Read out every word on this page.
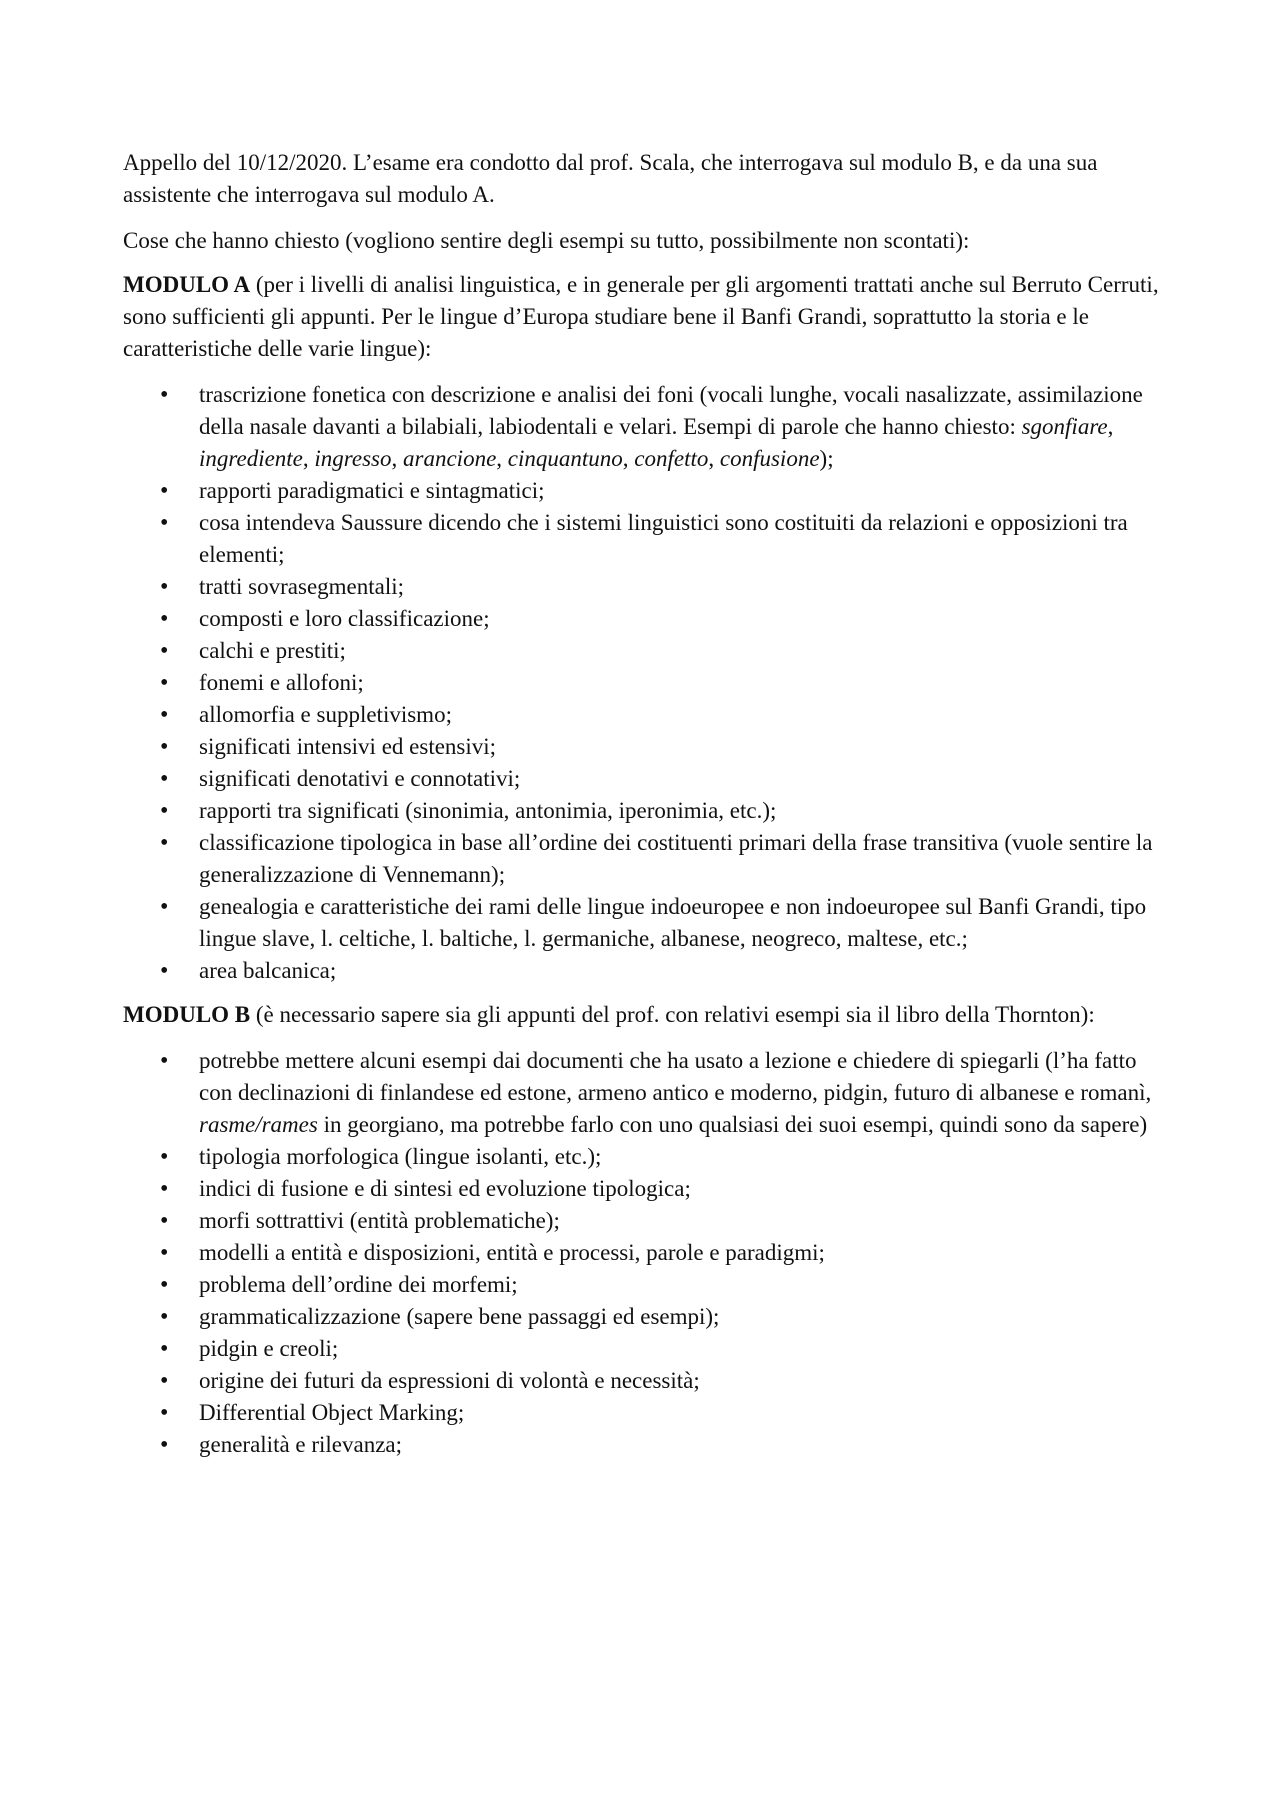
Appello del 10/12/2020. L’esame era condotto dal prof. Scala, che interrogava sul modulo B, e da una sua assistente che interrogava sul modulo A.

Cose che hanno chiesto (vogliono sentire degli esempi su tutto, possibilmente non scontati):

MODULO A (per i livelli di analisi linguistica, e in generale per gli argomenti trattati anche sul Berruto Cerruti, sono sufficienti gli appunti. Per le lingue d’Europa studiare bene il Banfi Grandi, soprattutto la storia e le caratteristiche delle varie lingue):

• trascrizione fonetica con descrizione e analisi dei foni (vocali lunghe, vocali nasalizzate, assimilazione della nasale davanti a bilabiali, labiodentali e velari. Esempi di parole che hanno chiesto: sgonfiare, ingrediente, ingresso, arancione, cinquantuno, confetto, confusione);
• rapporti paradigmatici e sintagmatici;
• cosa intendeva Saussure dicendo che i sistemi linguistici sono costituiti da relazioni e opposizioni tra elementi;
• tratti sovrasegmentali;
• composti e loro classificazione;
• calchi e prestiti;
• fonemi e allofoni;
• allomorfia e suppletivismo;
• significati intensivi ed estensivi;
• significati denotativi e connotativi;
• rapporti tra significati (sinonimia, antonimia, iperonimia, etc.);
• classificazione tipologica in base all’ordine dei costituenti primari della frase transitiva (vuole sentire la generalizzazione di Vennemann);
• genealogia e caratteristiche dei rami delle lingue indoeuropee e non indoeuropee sul Banfi Grandi, tipo lingue slave, l. celtiche, l. baltiche, l. germaniche, albanese, neogreco, maltese, etc.;
• area balcanica;

MODULO B (è necessario sapere sia gli appunti del prof. con relativi esempi sia il libro della Thornton):

• potrebbe mettere alcuni esempi dai documenti che ha usato a lezione e chiedere di spiegarli (l’ha fatto con declinazioni di finlandese ed estone, armeno antico e moderno, pidgin, futuro di albanese e romanì, rasme/rames in georgiano, ma potrebbe farlo con uno qualsiasi dei suoi esempi, quindi sono da sapere)
• tipologia morfologica (lingue isolanti, etc.);
• indici di fusione e di sintesi ed evoluzione tipologica;
• morfi sottrattivi (entità problematiche);
• modelli a entità e disposizioni, entità e processi, parole e paradigmi;
• problema dell’ordine dei morfemi;
• grammaticalizzazione (sapere bene passaggi ed esempi);
• pidgin e creoli;
• origine dei futuri da espressioni di volontà e necessità;
• Differential Object Marking;
• generalità e rilevanza;
